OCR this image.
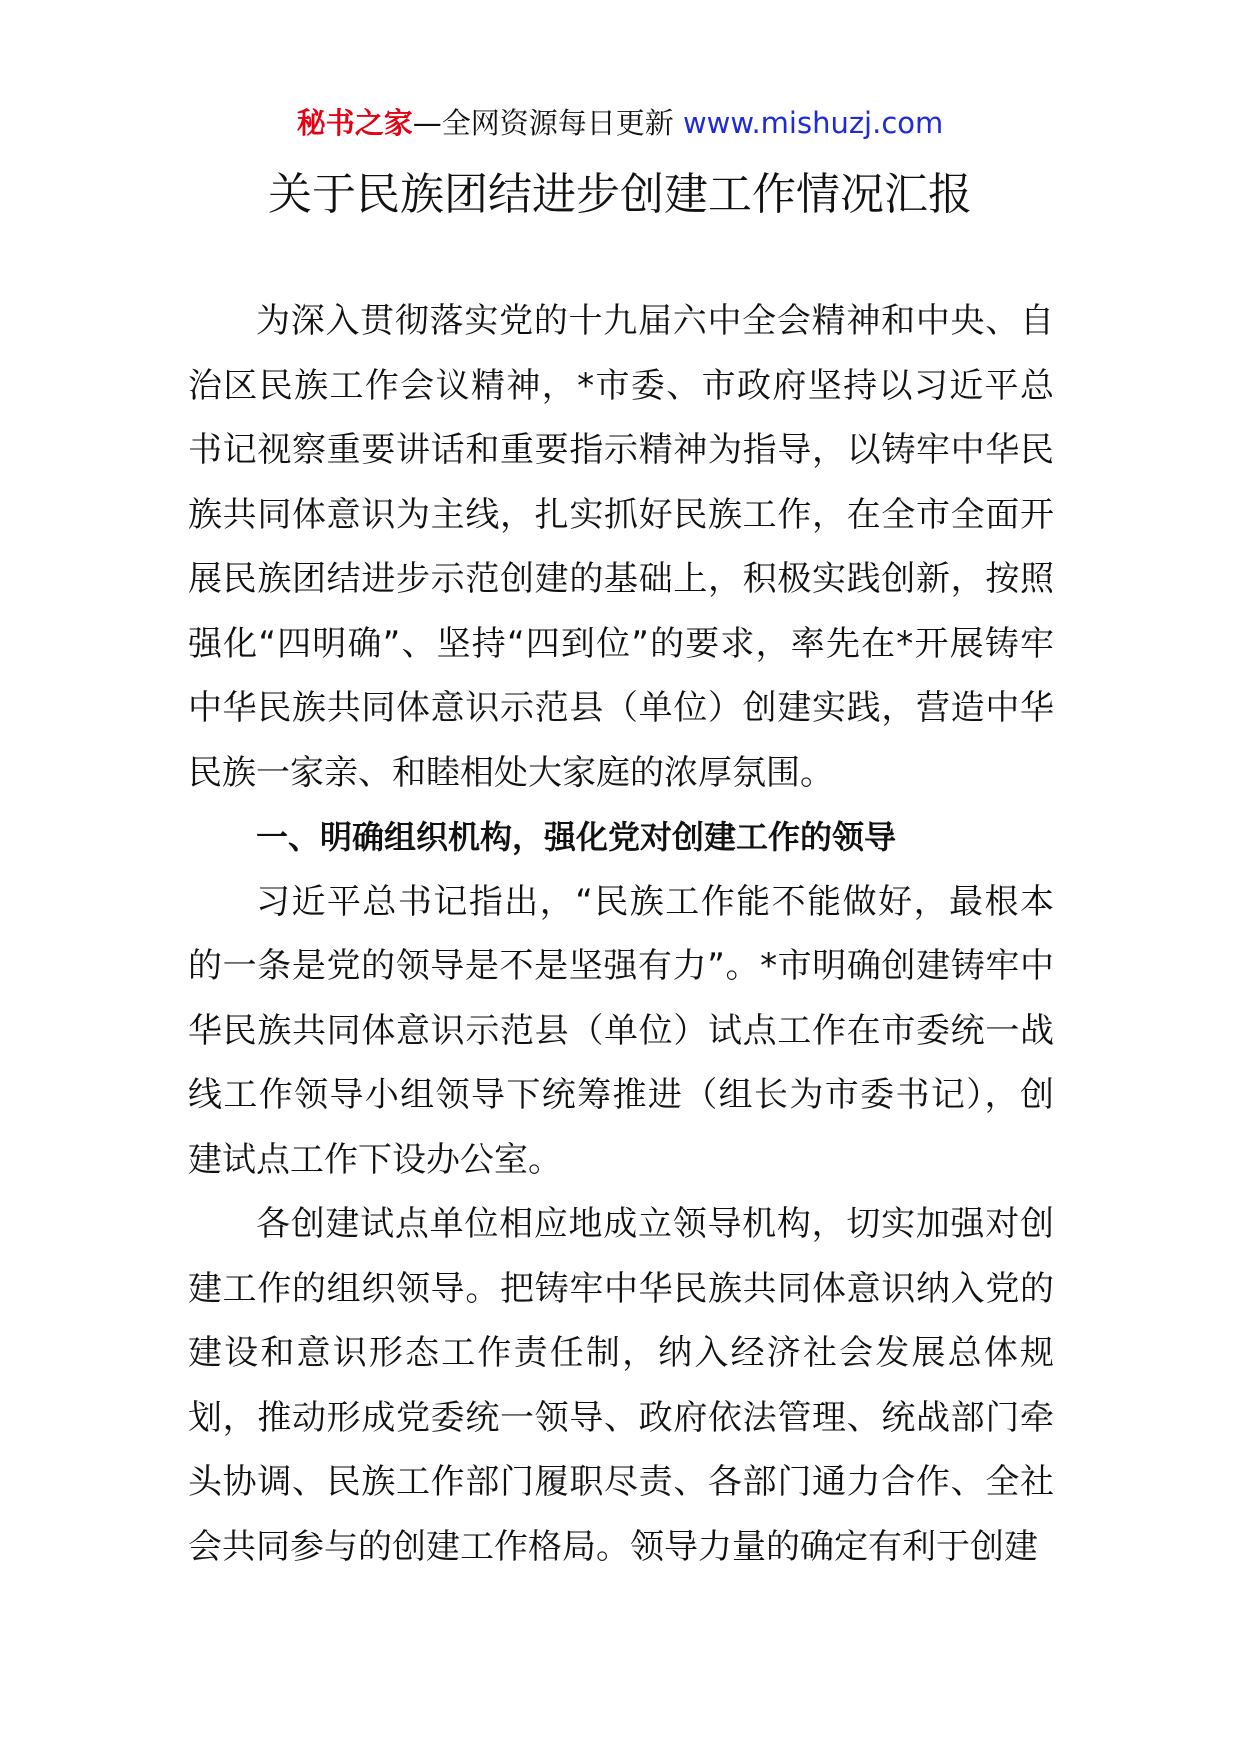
秘书之家—全网资源每日更新 www.mishuzj.com
关于民族团结进步创建工作情况汇报

为深入贯彻落实党的十九届六中全会精神和中央、自治区民族工作会议精神，*市委、市政府坚持以习近平总书记视察重要讲话和重要指示精神为指导，以铸牢中华民族共同体意识为主线，扎实抓好民族工作，在全市全面开展民族团结进步示范创建的基础上，积极实践创新，按照强化“四明确”、坚持“四到位”的要求，率先在*开展铸牢中华民族共同体意识示范县（单位）创建实践，营造中华民族一家亲、和睦相处大家庭的浓厚氛围。

一、明确组织机构，强化党对创建工作的领导

习近平总书记指出，“民族工作能不能做好，最根本的一条是党的领导是不是坚强有力”。*市明确创建铸牢中华民族共同体意识示范县（单位）试点工作在市委统一战线工作领导小组领导下统筹推进（组长为市委书记），创建试点工作下设办公室。

各创建试点单位相应地成立领导机构，切实加强对创建工作的组织领导。把铸牢中华民族共同体意识纳入党的建设和意识形态工作责任制，纳入经济社会发展总体规划，推动形成党委统一领导、政府依法管理、统战部门牵头协调、民族工作部门履职尽责、各部门通力合作、全社会共同参与的创建工作格局。领导力量的确定有利于创建
